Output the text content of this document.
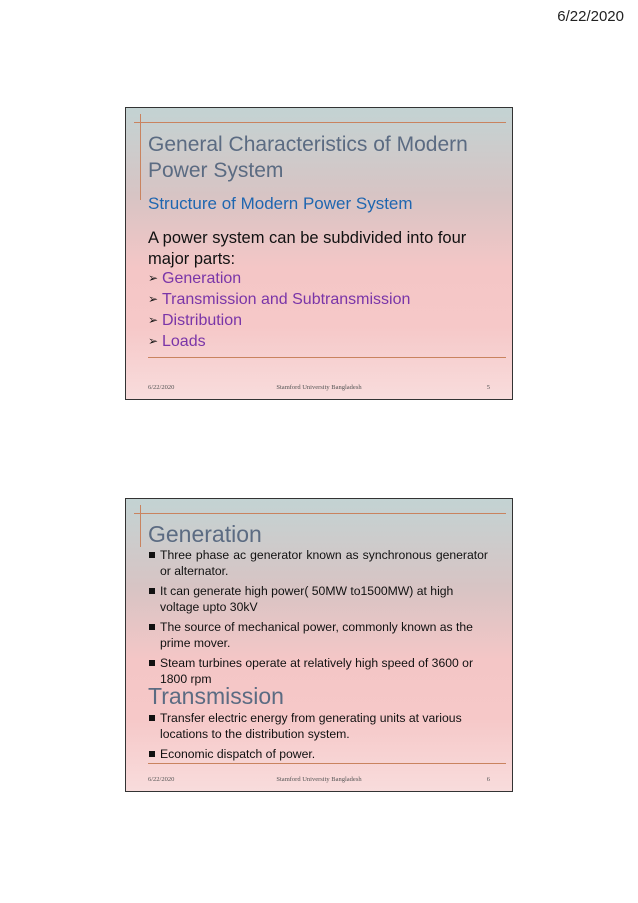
6/22/2020
General Characteristics of Modern Power System
Structure of Modern Power System
A power system can be subdivided into four major parts:
➢ Generation
➢ Transmission and Subtransmission
➢ Distribution
➢ Loads
6/22/2020	Stamford University Bangladesh	5
Generation
Three phase ac generator known as synchronous generator or alternator.
It can generate high power( 50MW to1500MW) at high voltage upto 30kV
The source of mechanical power, commonly known as the prime mover.
Steam turbines operate at relatively high speed of 3600 or 1800 rpm
Transmission
Transfer electric energy from generating units at various locations to the distribution system.
Economic dispatch of power.
6/22/2020	Stamford University Bangladesh	6
